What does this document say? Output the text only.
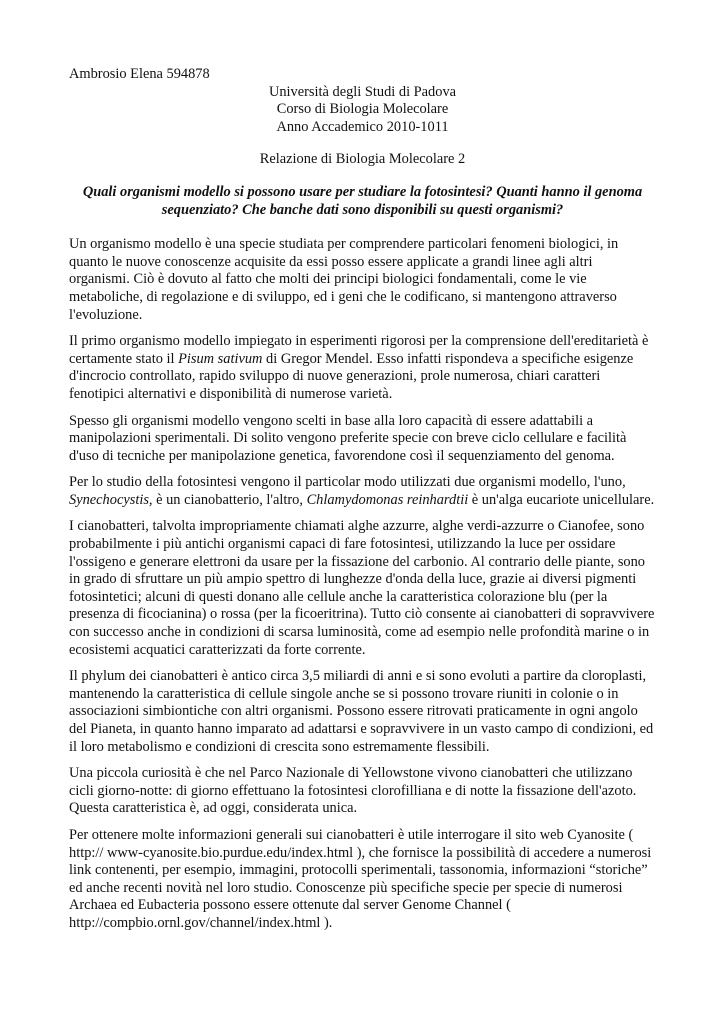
Ambrosio Elena 594878

Università degli Studi di Padova
Corso di Biologia Molecolare
Anno Accademico 2010-1011

Relazione di Biologia Molecolare 2

Quali organismi modello si possono usare per studiare la fotosintesi? Quanti hanno il genoma sequenziato? Che banche dati sono disponibili su questi organismi?

Un organismo modello è una specie studiata per comprendere particolari fenomeni biologici, in quanto le nuove conoscenze acquisite da essi posso essere applicate a grandi linee agli altri organismi. Ciò è dovuto al fatto che molti dei principi biologici fondamentali, come le vie metaboliche, di regolazione e di sviluppo, ed i geni che le codificano, si mantengono attraverso l'evoluzione.

Il primo organismo modello impiegato in esperimenti rigorosi per la comprensione dell'ereditarietà è certamente stato il Pisum sativum di Gregor Mendel. Esso infatti rispondeva a specifiche esigenze d'incrocio controllato, rapido sviluppo di nuove generazioni, prole numerosa, chiari caratteri fenotipici alternativi e disponibilità di numerose varietà.

Spesso gli organismi modello vengono scelti in base alla loro capacità di essere adattabili a manipolazioni sperimentali. Di solito vengono preferite specie con breve ciclo cellulare e facilità d'uso di tecniche per manipolazione genetica, favorendone così il sequenziamento del genoma.

Per lo studio della fotosintesi vengono il particolar modo utilizzati due organismi modello, l'uno, Synechocystis, è un cianobatterio, l'altro, Chlamydomonas reinhardtii è un'alga eucariote unicellulare.

I cianobatteri, talvolta impropriamente chiamati alghe azzurre, alghe verdi-azzurre o Cianofee, sono probabilmente i più antichi organismi capaci di fare fotosintesi, utilizzando la luce per ossidare l'ossigeno e generare elettroni da usare per la fissazione del carbonio. Al contrario delle piante, sono in grado di sfruttare un più ampio spettro di lunghezze d'onda della luce, grazie ai diversi pigmenti fotosintetici; alcuni di questi donano alle cellule anche la caratteristica colorazione blu (per la presenza di ficocianina) o rossa (per la ficoeritrina). Tutto ciò consente ai cianobatteri di sopravvivere con successo anche in condizioni di scarsa luminosità, come ad esempio nelle profondità marine o in ecosistemi acquatici caratterizzati da forte corrente.

Il phylum dei cianobatteri è antico circa 3,5 miliardi di anni e si sono evoluti a partire da cloroplasti, mantenendo la caratteristica di cellule singole anche se si possono trovare riuniti in colonie o in associazioni simbiontiche con altri organismi. Possono essere ritrovati praticamente in ogni angolo del Pianeta, in quanto hanno imparato ad adattarsi e sopravvivere in un vasto campo di condizioni, ed il loro metabolismo e condizioni di crescita sono estremamente flessibili.

Una piccola curiosità è che nel Parco Nazionale di Yellowstone vivono cianobatteri che utilizzano cicli giorno-notte: di giorno effettuano la fotosintesi clorofilliana e di notte la fissazione dell'azoto. Questa caratteristica è, ad oggi, considerata unica.

Per ottenere molte informazioni generali sui cianobatteri è utile interrogare il sito web Cyanosite ( http:// www-cyanosite.bio.purdue.edu/index.html ), che fornisce la possibilità di accedere a numerosi link contenenti, per esempio, immagini, protocolli sperimentali, tassonomia, informazioni “storiche” ed anche recenti novità nel loro studio. Conoscenze più specifiche specie per specie di numerosi Archaea ed Eubacteria possono essere ottenute dal server Genome Channel ( http://compbio.ornl.gov/channel/index.html ).
